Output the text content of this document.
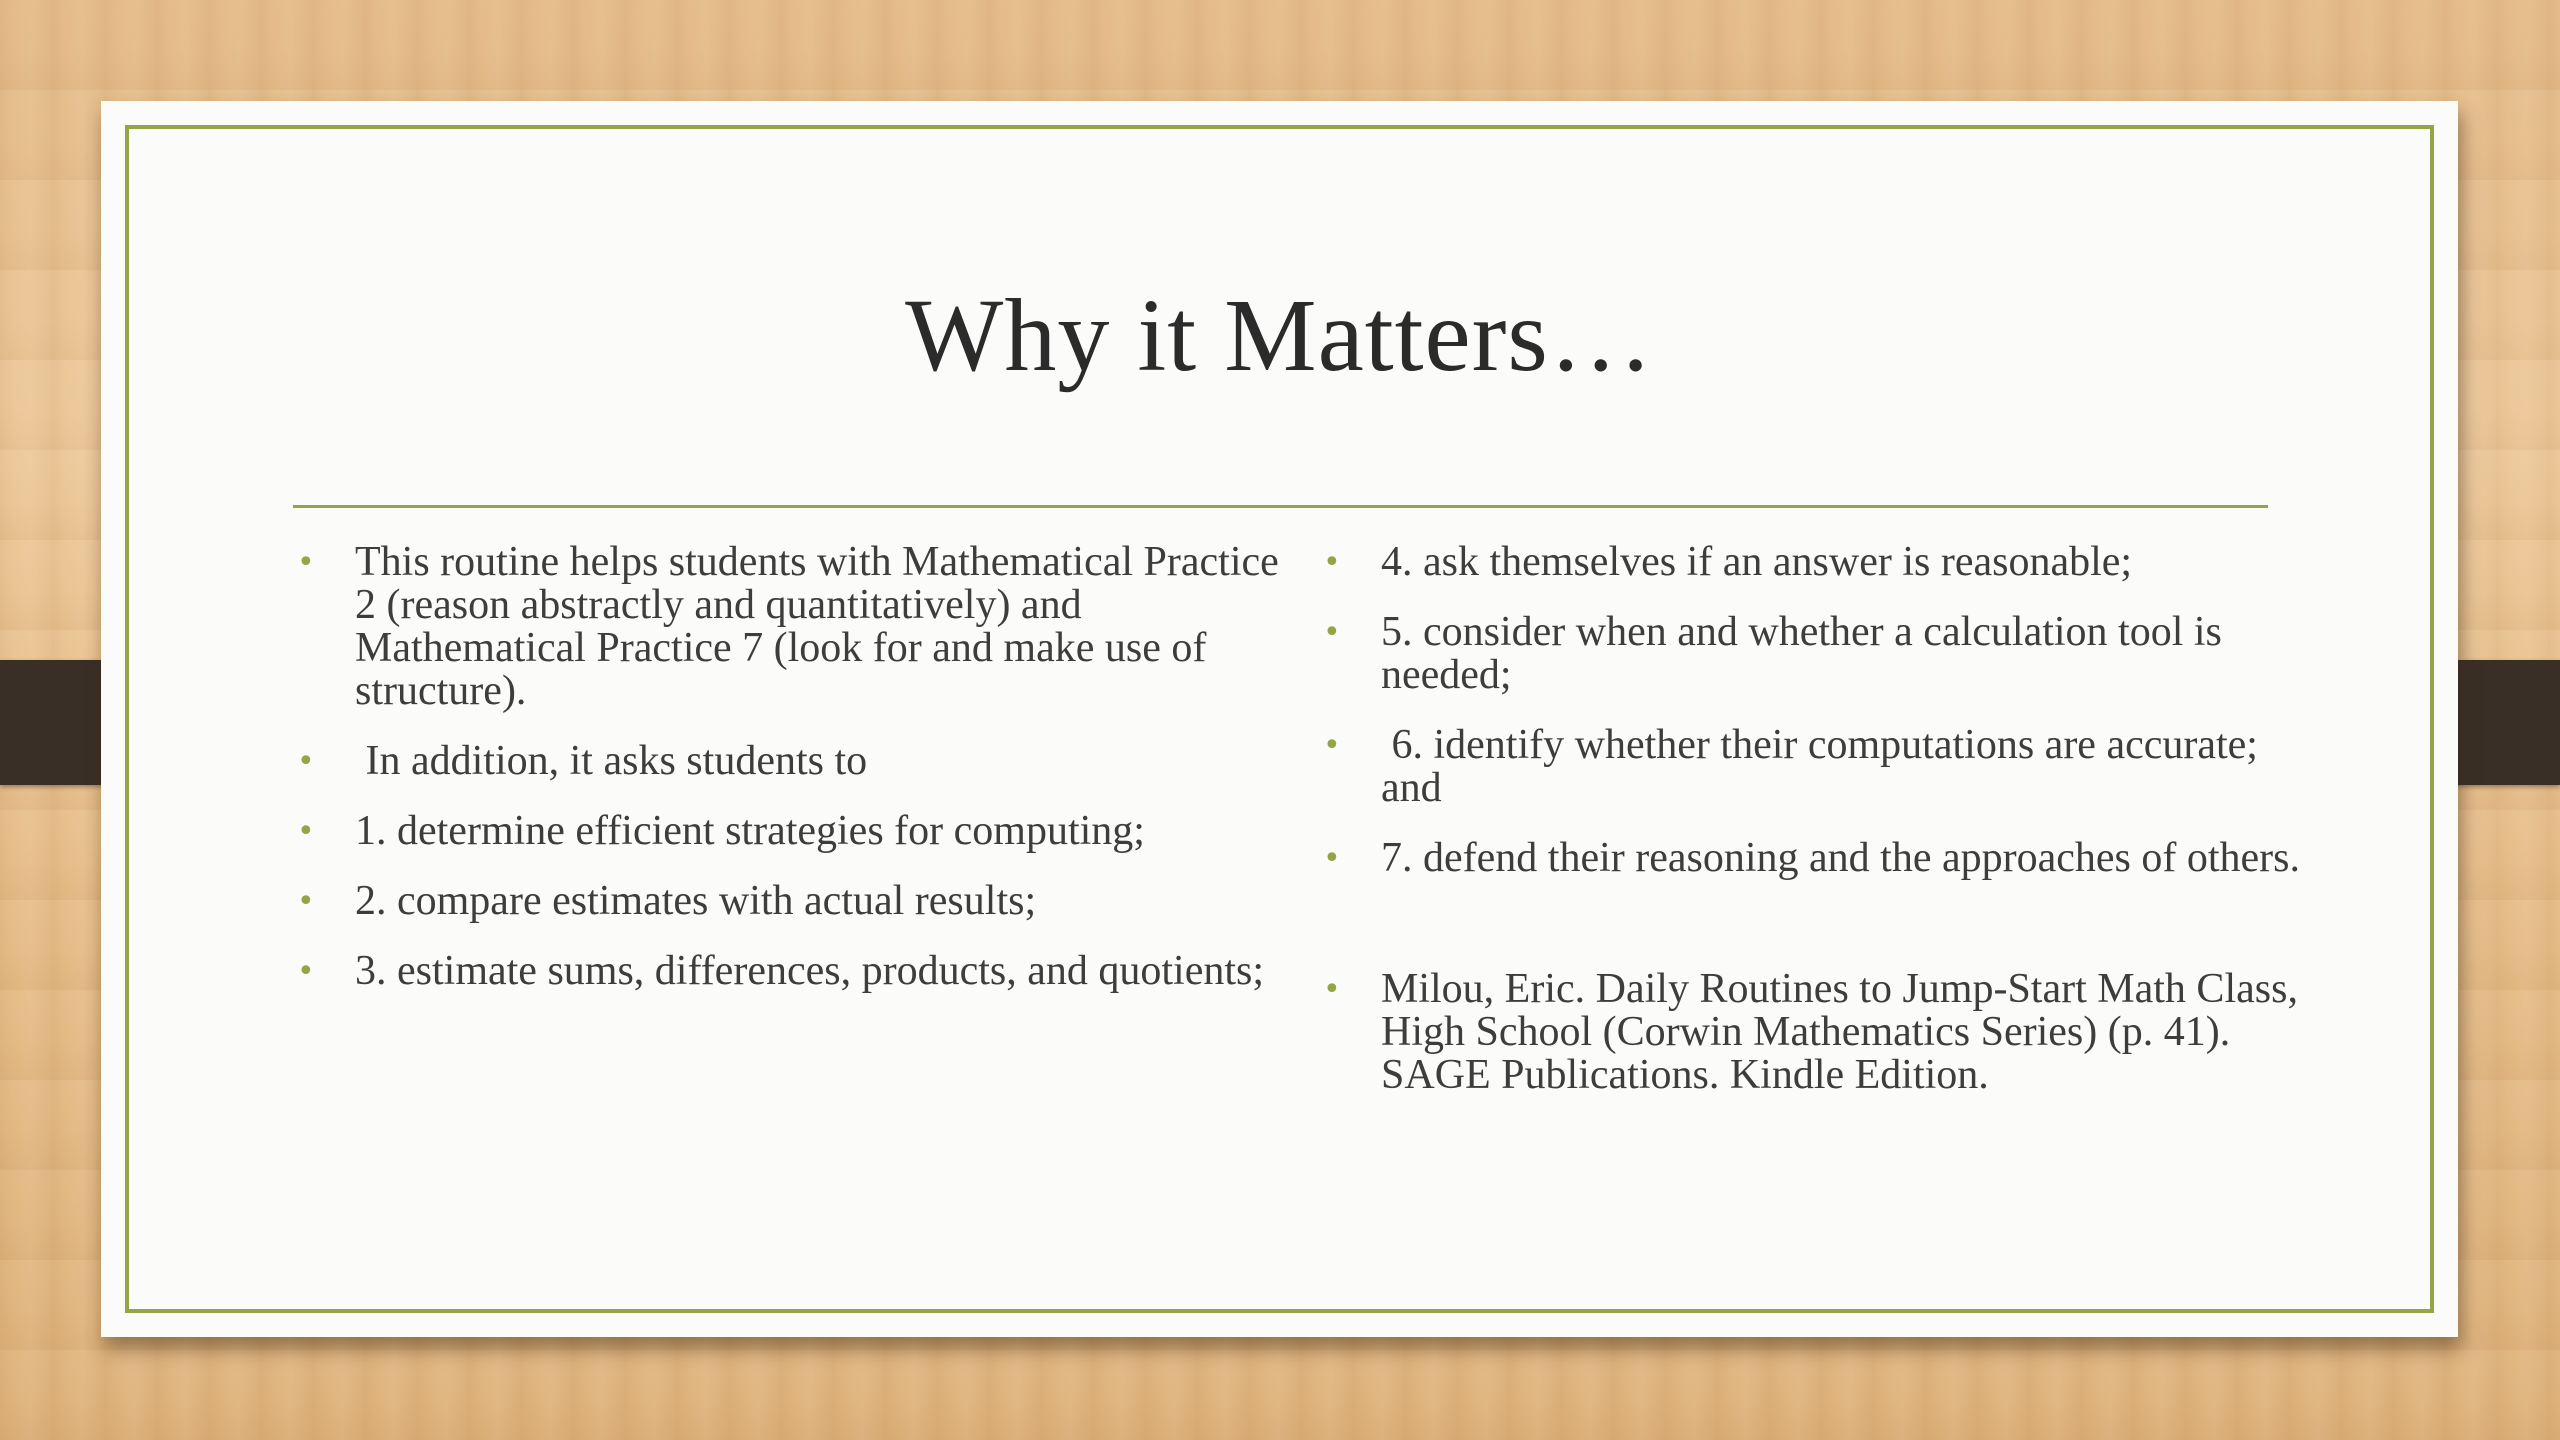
Why it Matters…
• This routine helps students with Mathematical Practice 2 (reason abstractly and quantitatively) and Mathematical Practice 7 (look for and make use of structure).
• In addition, it asks students to
• 1. determine efficient strategies for computing;
• 2. compare estimates with actual results;
• 3. estimate sums, differences, products, and quotients;
• 4. ask themselves if an answer is reasonable;
• 5. consider when and whether a calculation tool is needed;
• 6. identify whether their computations are accurate; and
• 7. defend their reasoning and the approaches of others.
• Milou, Eric. Daily Routines to Jump-Start Math Class, High School (Corwin Mathematics Series) (p. 41). SAGE Publications. Kindle Edition.
